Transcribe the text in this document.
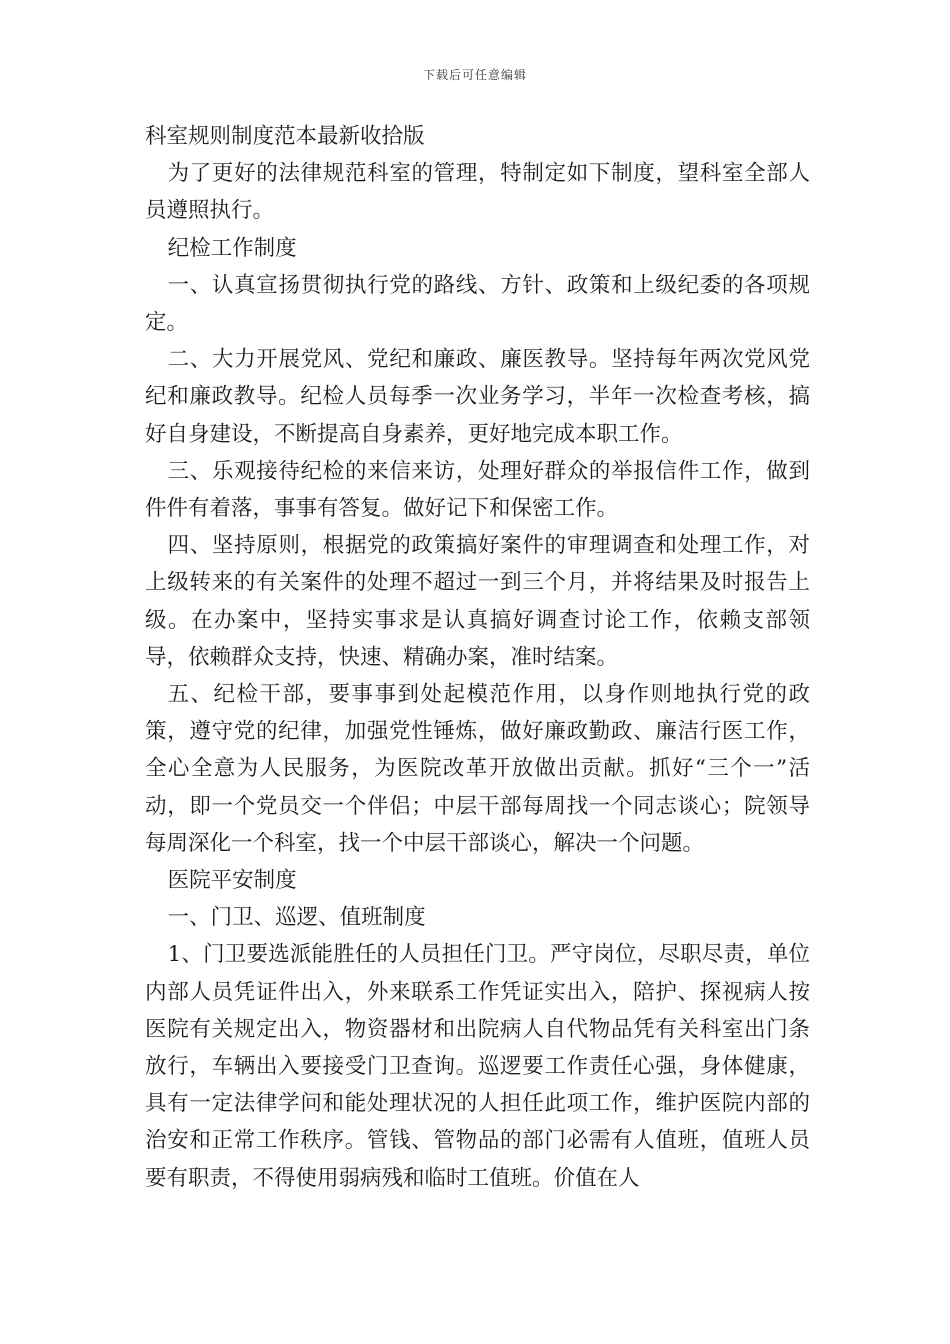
下载后可任意编辑

科室规则制度范本最新收拾版

为了更好的法律规范科室的管理，特制定如下制度，望科室全部人员遵照执行。

纪检工作制度

一、认真宣扬贯彻执行党的路线、方针、政策和上级纪委的各项规定。

二、大力开展党风、党纪和廉政、廉医教导。坚持每年两次党风党纪和廉政教导。纪检人员每季一次业务学习，半年一次检查考核，搞好自身建设，不断提高自身素养，更好地完成本职工作。

三、乐观接待纪检的来信来访，处理好群众的举报信件工作，做到件件有着落，事事有答复。做好记下和保密工作。

四、坚持原则，根据党的政策搞好案件的审理调查和处理工作，对上级转来的有关案件的处理不超过一到三个月，并将结果及时报告上级。在办案中，坚持实事求是认真搞好调查讨论工作，依赖支部领导，依赖群众支持，快速、精确办案，准时结案。

五、纪检干部，要事事到处起模范作用，以身作则地执行党的政策，遵守党的纪律，加强党性锤炼，做好廉政勤政、廉洁行医工作，全心全意为人民服务，为医院改革开放做出贡献。抓好“三个一”活动，即一个党员交一个伴侣；中层干部每周找一个同志谈心；院领导每周深化一个科室，找一个中层干部谈心，解决一个问题。

医院平安制度

一、门卫、巡逻、值班制度

1、门卫要选派能胜任的人员担任门卫。严守岗位，尽职尽责，单位内部人员凭证件出入，外来联系工作凭证实出入，陪护、探视病人按医院有关规定出入，物资器材和出院病人自代物品凭有关科室出门条放行，车辆出入要接受门卫查询。巡逻要工作责任心强，身体健康，具有一定法律学问和能处理状况的人担任此项工作，维护医院内部的治安和正常工作秩序。管钱、管物品的部门必需有人值班，值班人员要有职责，不得使用弱病残和临时工值班。价值在人
